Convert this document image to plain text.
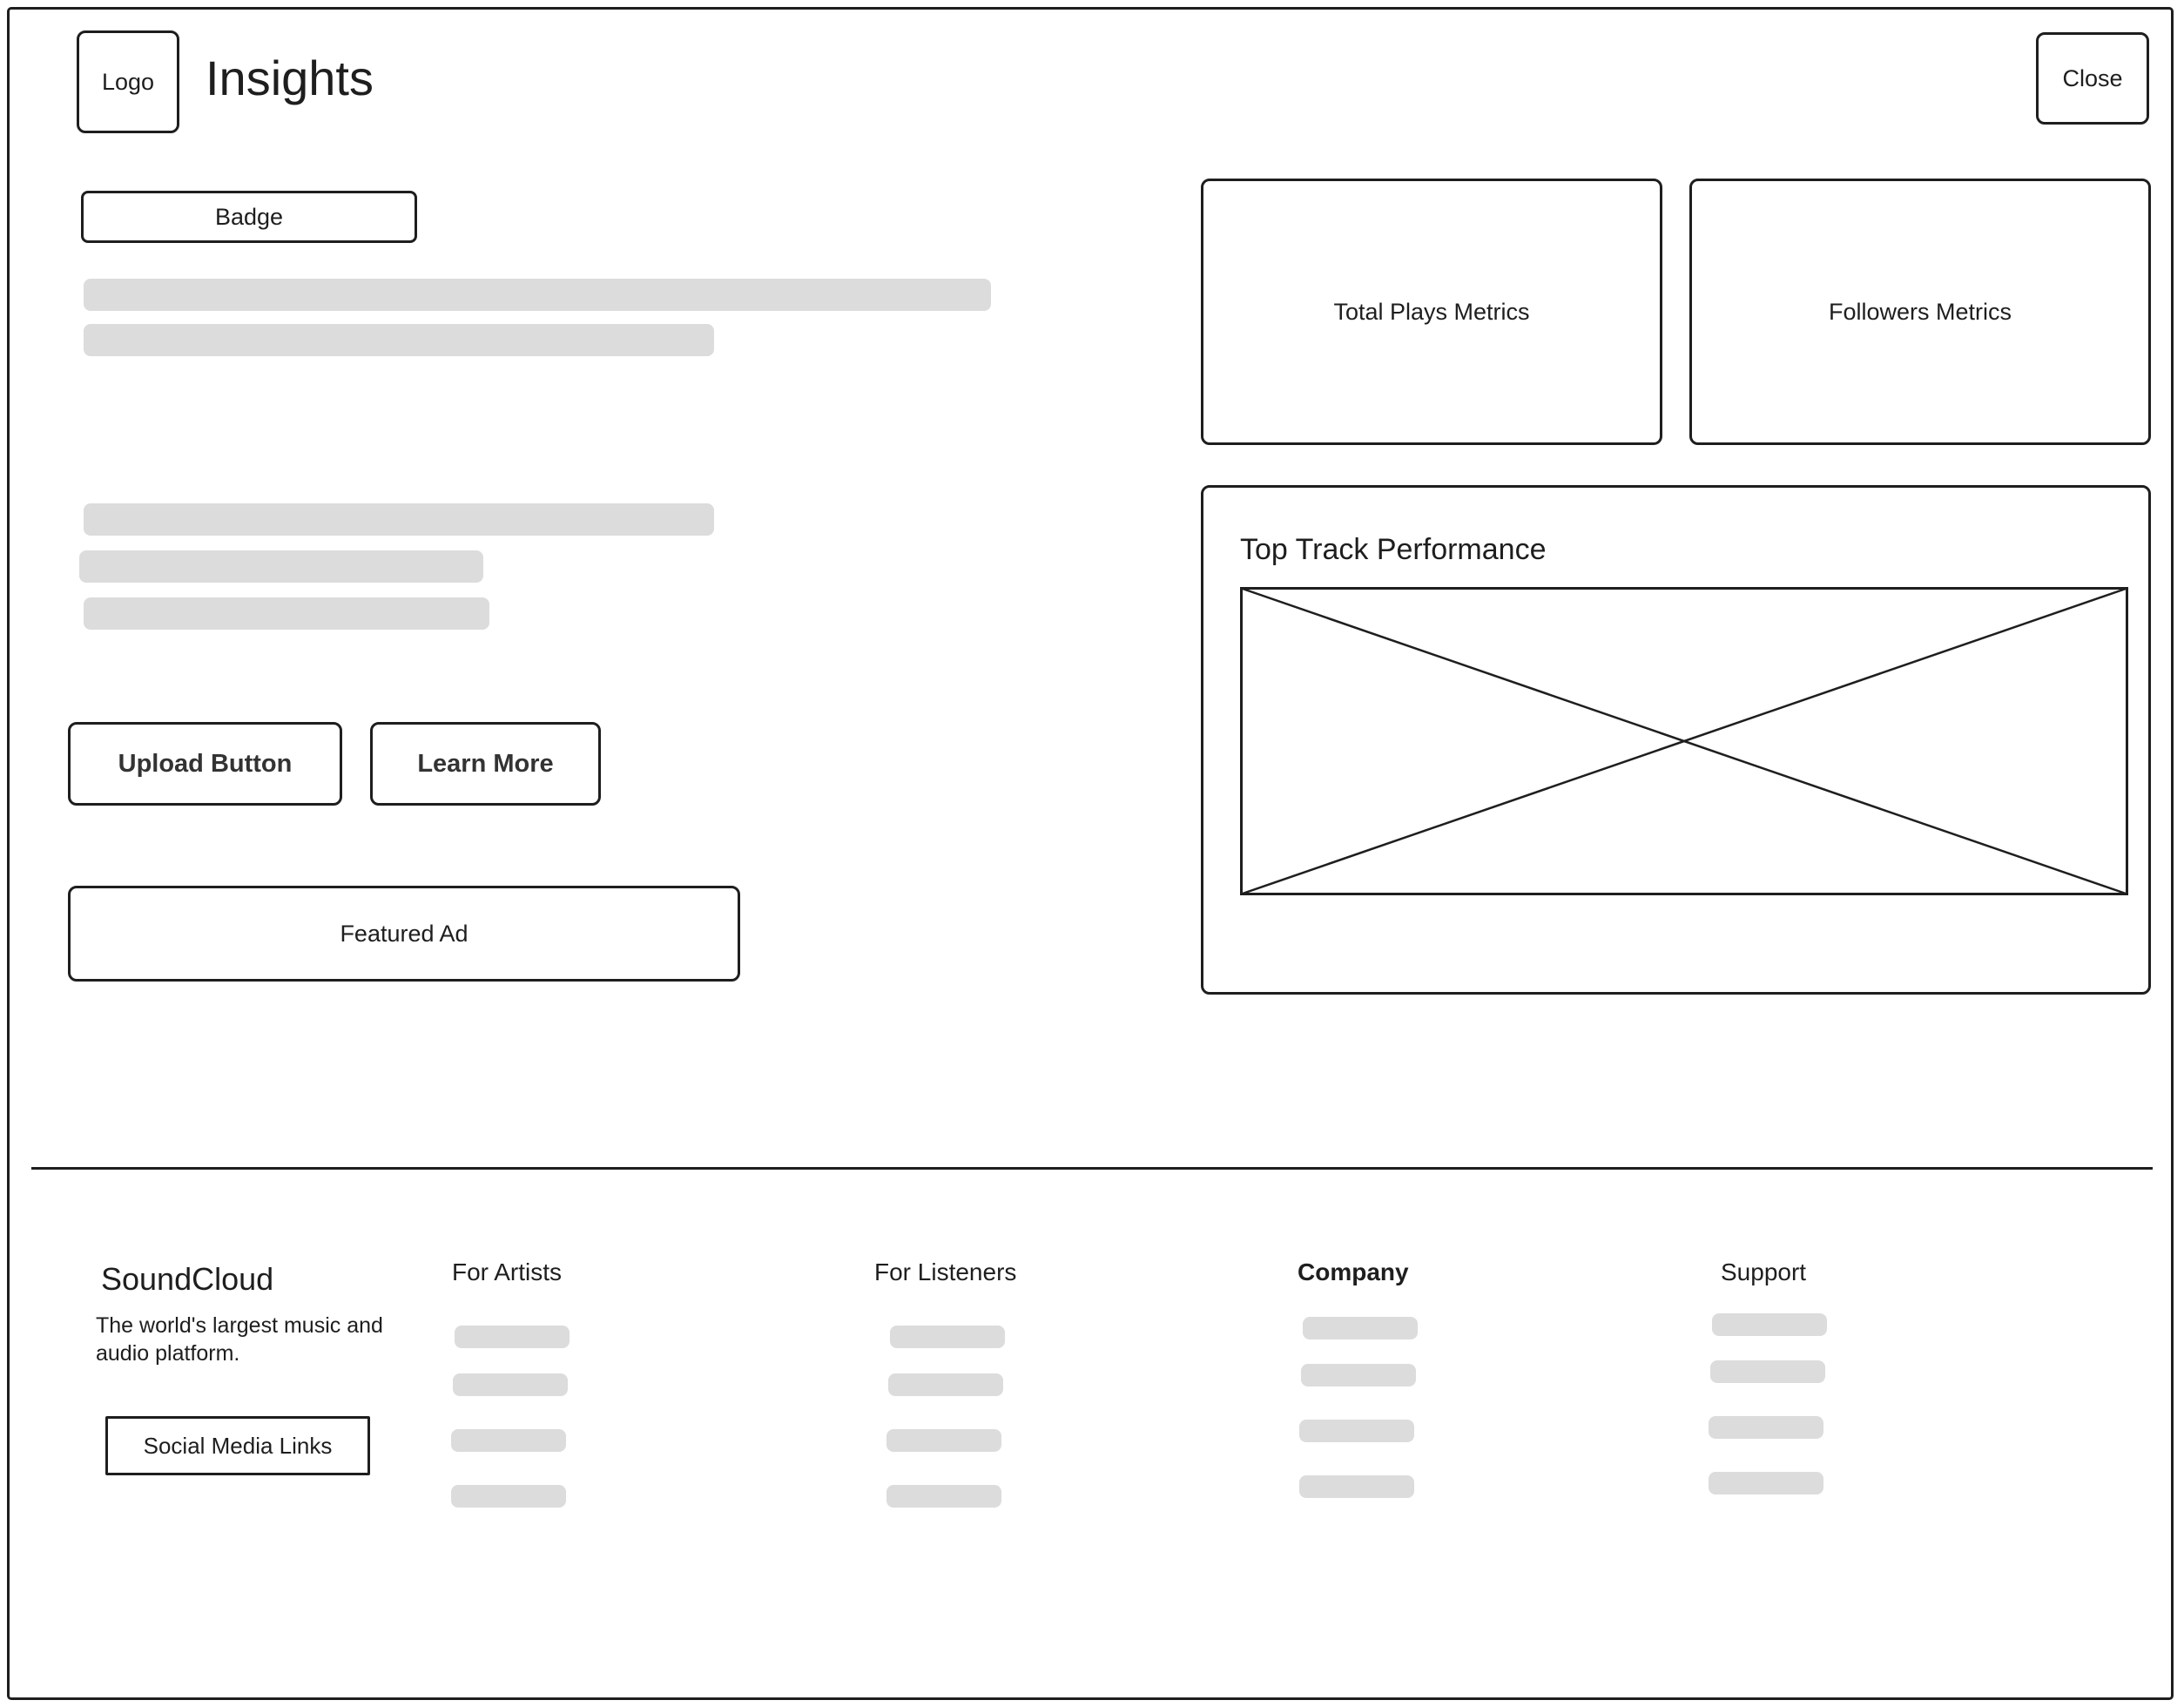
Logo Insights	Close
Badge
Upload Button	Learn More
Featured Ad
Total Plays Metrics	Followers Metrics
Top Track Performance
SoundCloud
The world's largest music and audio platform.
Social Media Links
For Artists	For Listeners	Company	Support
